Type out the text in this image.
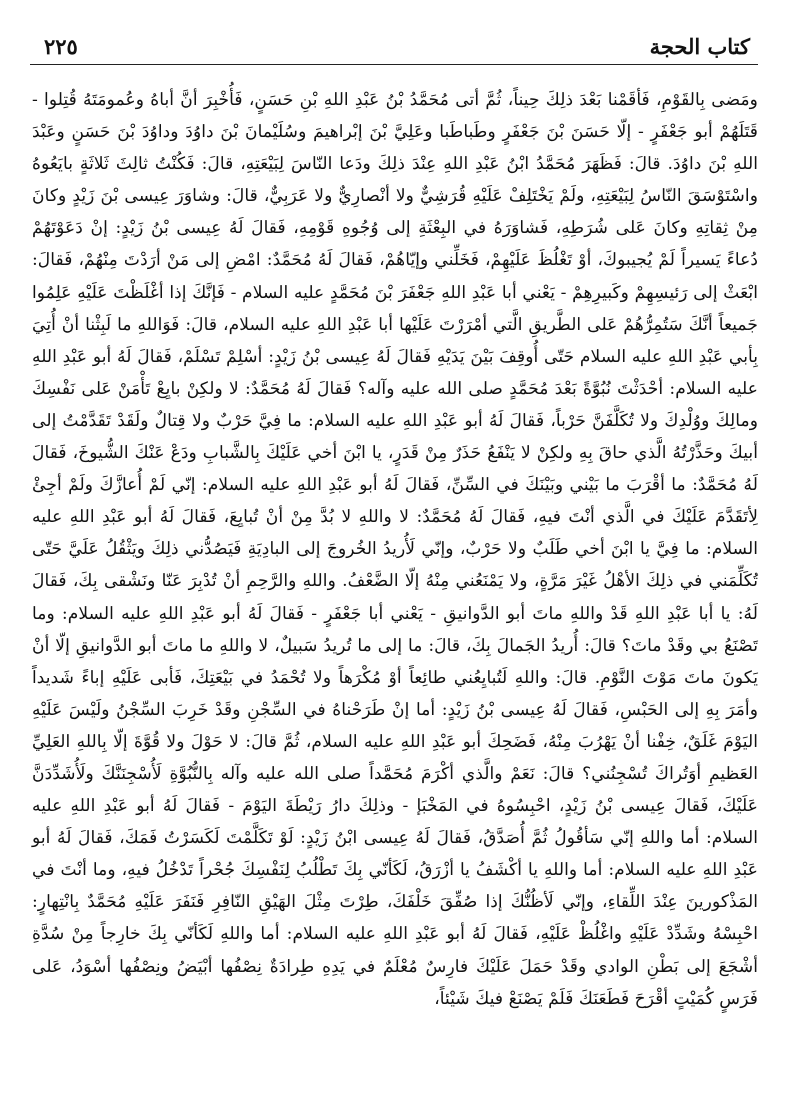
٢٢٥	كتاب الحجة

ومَضى بِالقَوْمِ، فَأقَمْنا بَعْدَ ذلِكَ حِيناً، ثُمَّ أتى مُحَمَّدُ بْنُ عَبْدِ اللهِ بْنِ حَسَنٍ، فَأُخْبِرَ أنَّ أباهُ وعُمومَتَهُ قُتِلوا - قَتَلَهُمْ أبو جَعْفَرٍ - إلّا حَسَنَ بْنَ جَعْفَرٍ وطَباطَبا وعَلِيَّ بْنَ إبْراهيمَ وسُلَيْمانَ بْنَ داوُدَ وداوُدَ بْنَ حَسَنٍ وعَبْدَ اللهِ بْنَ داوُدَ. قالَ: فَظَهَرَ مُحَمَّدُ ابْنُ عَبْدِ اللهِ عِنْدَ ذلِكَ ودَعا النّاسَ لِبَيْعَتِهِ، قالَ: فَكُنْتُ ثالِثَ ثَلاثَةٍ بايَعُوهُ واسْتَوْسَقَ النّاسُ لِبَيْعَتِهِ، ولَمْ يَخْتَلِفْ عَلَيْهِ قُرَشِيٌّ ولا أنْصارِيٌّ ولا عَرَبِيٌّ، قالَ: وشاوَرَ عِيسى بْنَ زَيْدٍ وكانَ مِنْ ثِقاتِهِ وكانَ عَلى شُرَطِهِ، فَشاوَرَهُ في البِعْثَةِ إلى وُجُوهِ قَوْمِهِ، فَقالَ لَهُ عِيسى بْنُ زَيْدٍ: إنْ دَعَوْتَهُمْ دُعاءً يَسيراً لَمْ يُجيبوكَ، أوْ تَغْلُظَ عَلَيْهِمْ، فَخَلِّني وإيّاهُمْ، فَقالَ لَهُ مُحَمَّدٌ: امْضِ إلى مَنْ أرَدْتَ مِنْهُمْ، فَقالَ: ابْعَثْ إلى رَئيسِهِمْ وكَبيرِهِمْ - يَعْني أبا عَبْدِ اللهِ جَعْفَرَ بْنَ مُحَمَّدٍ عليه السلام - فَإنَّكَ إذا أغْلَظْتَ عَلَيْهِ عَلِمُوا جَميعاً أنَّكَ سَتُمِرُّهُمْ عَلى الطَّريقِ الَّتي أمْرَرْتَ عَلَيْها أبا عَبْدِ اللهِ عليه السلام، قالَ: فَوَاللهِ ما لَبِثْنا أنْ أُتِيَ بِأبي عَبْدِ اللهِ عليه السلام حَتّى أُوقِفَ بَيْنَ يَدَيْهِ فَقالَ لَهُ عِيسى بْنُ زَيْدٍ: أسْلِمْ تَسْلَمْ، فَقالَ لَهُ أبو عَبْدِ اللهِ عليه السلام: أحْدَثْتَ نُبُوَّةً بَعْدَ مُحَمَّدٍ صلى الله عليه وآله؟ فَقالَ لَهُ مُحَمَّدٌ: لا ولكِنْ بايِعْ تَأْمَنْ عَلى نَفْسِكَ ومالِكَ ووُلْدِكَ ولا تُكَلَّفَنَّ حَرْباً، فَقالَ لَهُ أبو عَبْدِ اللهِ عليه السلام: ما فِيَّ حَرْبٌ ولا قِتالٌ ولَقَدْ تَقَدَّمْتُ إلى أبيكَ وحَذَّرْتُهُ الَّذي حاقَ بِهِ ولكِنْ لا يَنْفَعُ حَذَرٌ مِنْ قَدَرٍ، يا ابْنَ أخي عَلَيْكَ بِالشَّبابِ ودَعْ عَنْكَ الشُّيوخَ، فَقالَ لَهُ مُحَمَّدٌ: ما أقْرَبَ ما بَيْني وبَيْنَكَ في السِّنِّ، فَقالَ لَهُ أبو عَبْدِ اللهِ عليه السلام: إنّي لَمْ أُعازَّكَ ولَمْ أجِئْ لِأتَقَدَّمَ عَلَيْكَ في الَّذي أنْتَ فيهِ، فَقالَ لَهُ مُحَمَّدٌ: لا واللهِ لا بُدَّ مِنْ أنْ تُبايِعَ، فَقالَ لَهُ أبو عَبْدِ اللهِ عليه السلام: ما فِيَّ يا ابْنَ أخي طَلَبٌ ولا حَرْبٌ، وإنّي لَأُريدُ الخُروجَ إلى البادِيَةِ فَيَصُدُّني ذلِكَ ويَثْقُلُ عَلَيَّ حَتّى تُكَلِّمَني في ذلِكَ الأهْلُ غَيْرَ مَرَّةٍ، ولا يَمْنَعُني مِنْهُ إلّا الضَّعْفُ. واللهِ والرَّحِمِ أنْ تُدْبِرَ عَنّا ونَشْقى بِكَ، فَقالَ لَهُ: يا أبا عَبْدِ اللهِ قَدْ واللهِ ماتَ أبو الدَّوانيقِ - يَعْني أبا جَعْفَرٍ - فَقالَ لَهُ أبو عَبْدِ اللهِ عليه السلام: وما تَصْنَعُ بي وقَدْ ماتَ؟ قالَ: أُريدُ الجَمالَ بِكَ، قالَ: ما إلى ما تُريدُ سَبيلٌ، لا واللهِ ما ماتَ أبو الدَّوانيقِ إلّا أنْ يَكونَ ماتَ مَوْتَ النَّوْمِ. قالَ: واللهِ لَتُبايِعُني طائِعاً أوْ مُكْرَهاً ولا تُحْمَدُ في بَيْعَتِكَ، فَأبى عَلَيْهِ إباءً شَديداً وأمَرَ بِهِ إلى الحَبْسِ، فَقالَ لَهُ عِيسى بْنُ زَيْدٍ: أما إنْ طَرَحْناهُ في السِّجْنِ وقَدْ خَرِبَ السِّجْنُ ولَيْسَ عَلَيْهِ اليَوْمَ غَلَقٌ، خِفْنا أنْ يَهْرُبَ مِنْهُ، فَضَحِكَ أبو عَبْدِ اللهِ عليه السلام، ثُمَّ قالَ: لا حَوْلَ ولا قُوَّةَ إلّا بِاللهِ العَلِيِّ العَظيمِ أوَتُراكَ تُسْجِنُني؟ قالَ: نَعَمْ والَّذي أكْرَمَ مُحَمَّداً صلى الله عليه وآله بِالنُّبُوَّةِ لَأُسْجِنَنَّكَ ولَأُشَدِّدَنَّ عَلَيْكَ، فَقالَ عِيسى بْنُ زَيْدٍ، احْبِسُوهُ في المَخْبَإ - وذلِكَ دارُ رَيْطَةَ اليَوْمَ - فَقالَ لَهُ أبو عَبْدِ اللهِ عليه السلام: أما واللهِ إنّي سَأقُولُ ثُمَّ أُصَدَّقُ، فَقالَ لَهُ عِيسى ابْنُ زَيْدٍ: لَوْ تَكَلَّمْتَ لَكَسَرْتُ فَمَكَ، فَقالَ لَهُ أبو عَبْدِ اللهِ عليه السلام: أما واللهِ يا أكْشَفُ يا أزْرَقُ، لَكَأنّي بِكَ تَطْلُبُ لِنَفْسِكَ جُحْراً تَدْخُلُ فيهِ، وما أنْتَ في المَذْكورينَ عِنْدَ اللِّقاءِ، وإنّي لَأظُنُّكَ إذا صُفِّقَ خَلْفَكَ، طِرْتَ مِثْلَ الهَيْقِ النّافِرِ فَنَفَرَ عَلَيْهِ مُحَمَّدٌ بِانْتِهارٍ: احْبِسْهُ وشَدِّدْ عَلَيْهِ واغْلُظْ عَلَيْهِ، فَقالَ لَهُ أبو عَبْدِ اللهِ عليه السلام: أما واللهِ لَكَأنّي بِكَ خارِجاً مِنْ سُدَّةِ أشْجَعَ إلى بَطْنِ الوادي وقَدْ حَمَلَ عَلَيْكَ فارِسٌ مُعْلَمٌ في يَدِهِ طِرادَةٌ نِصْفُها أبْيَضُ ونِصْفُها أسْوَدُ، عَلى فَرَسٍ كُمَيْتٍ أقْرَحَ فَطَعَنَكَ فَلَمْ يَصْنَعْ فيكَ شَيْئاً،
